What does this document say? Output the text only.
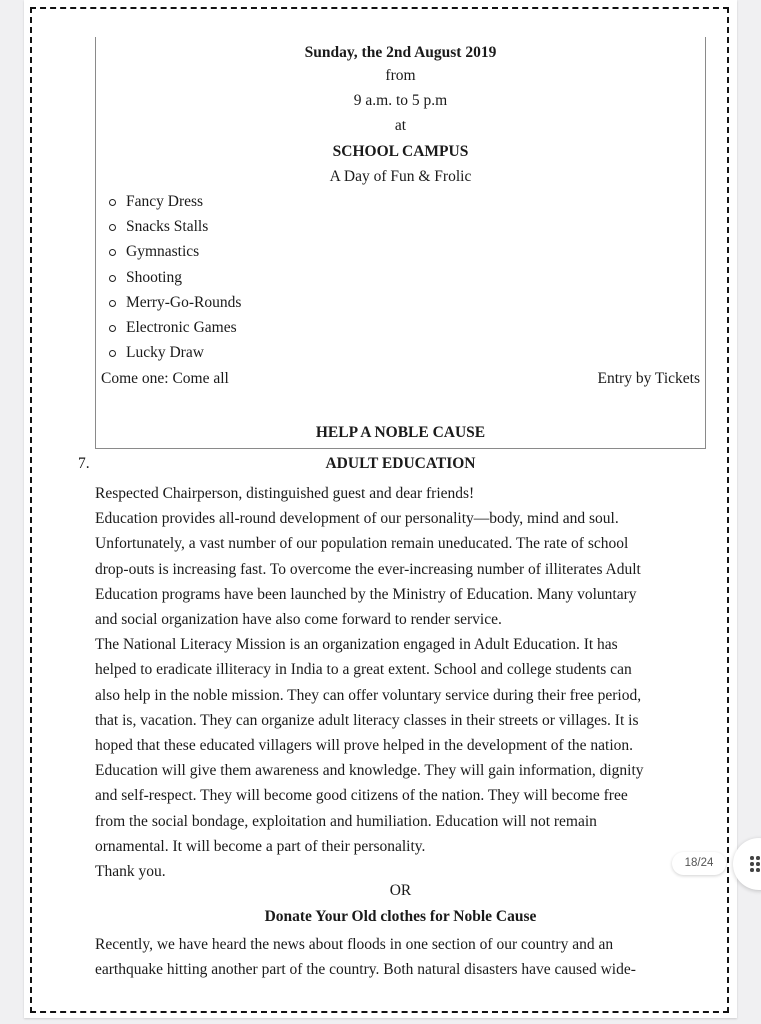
Sunday, the 2nd August 2019
from
9 a.m. to 5 p.m
at
SCHOOL CAMPUS
A Day of Fun & Frolic
Fancy Dress
Snacks Stalls
Gymnastics
Shooting
Merry-Go-Rounds
Electronic Games
Lucky Draw
Come one: Come all	Entry by Tickets
HELP A NOBLE CAUSE
7.	ADULT EDUCATION
Respected Chairperson, distinguished guest and dear friends!
Education provides all-round development of our personality—body, mind and soul.
Unfortunately, a vast number of our population remain uneducated. The rate of school
drop-outs is increasing fast. To overcome the ever-increasing number of illiterates Adult
Education programs have been launched by the Ministry of Education. Many voluntary
and social organization have also come forward to render service.
The National Literacy Mission is an organization engaged in Adult Education. It has
helped to eradicate illiteracy in India to a great extent. School and college students can
also help in the noble mission. They can offer voluntary service during their free period,
that is, vacation. They can organize adult literacy classes in their streets or villages. It is
hoped that these educated villagers will prove helped in the development of the nation.
Education will give them awareness and knowledge. They will gain information, dignity
and self-respect. They will become good citizens of the nation. They will become free
from the social bondage, exploitation and humiliation. Education will not remain
ornamental. It will become a part of their personality.
Thank you.
OR
Donate Your Old clothes for Noble Cause
Recently, we have heard the news about floods in one section of our country and an
earthquake hitting another part of the country. Both natural disasters have caused wide-
18/24
